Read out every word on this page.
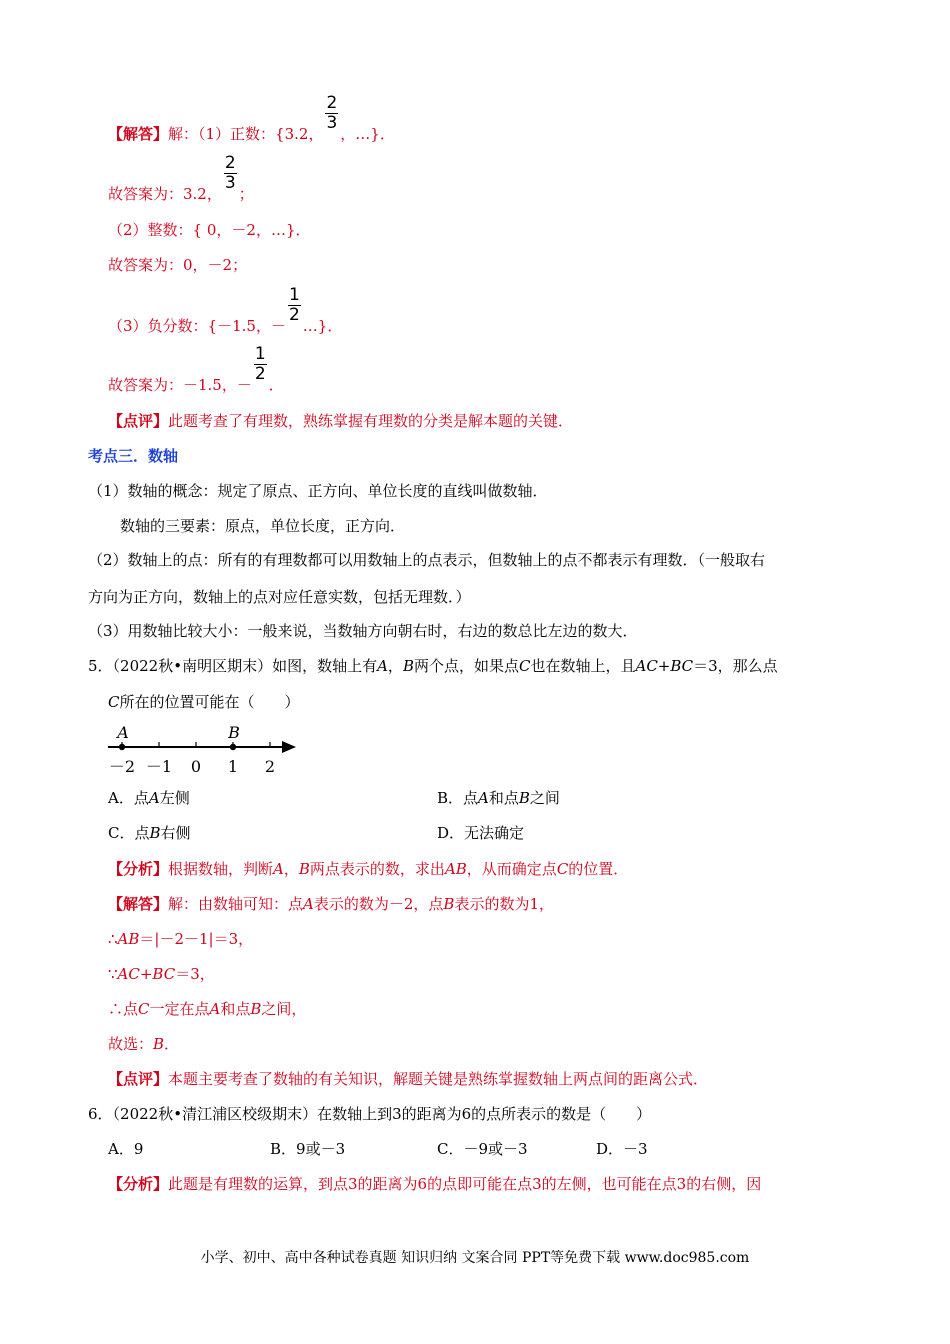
【解答】解：（1）正数：{3.2，
$\frac{2}{3}$
，…}．
故答案为：3.2，
$\frac{2}{3}$
；
（2）整数：{ 0，－2，…}．
故答案为：0，－2；
（3）负分数：{－1.5，－
$\frac{1}{2}$
…}．
故答案为：－1.5，－
$\frac{1}{2}$
．
【点评】此题考查了有理数，熟练掌握有理数的分类是解本题的关键．
考点三．数轴
（1）数轴的概念：规定了原点、正方向、单位长度的直线叫做数轴．
数轴的三要素：原点，单位长度，正方向．
（2）数轴上的点：所有的有理数都可以用数轴上的点表示，但数轴上的点不都表示有理数．（一般取右
方向为正方向，数轴上的点对应任意实数，包括无理数．）
（3）用数轴比较大小：一般来说，当数轴方向朝右时，右边的数总比左边的数大．
5．（2022秋•南明区期末）如图，数轴上有A，B两个点，如果点C也在数轴上，且AC+BC＝3，那么点
C所在的位置可能在（　　）
－2 －1 0 1 2
A	B
A．点A左侧	B．点A和点B之间
C．点B右侧	D．无法确定
【分析】根据数轴，判断A，B两点表示的数，求出AB，从而确定点C的位置．
【解答】解：由数轴可知：点A表示的数为－2，点B表示的数为1，
∴AB＝|－2－1|＝3，
∵AC+BC＝3，
∴点C一定在点A和点B之间，
故选：B．
【点评】本题主要考查了数轴的有关知识，解题关键是熟练掌握数轴上两点间的距离公式．
6．（2022秋•清江浦区校级期末）在数轴上到3的距离为6的点所表示的数是（　　）
A．9	B．9或－3	C．－9或－3	D．－3
【分析】此题是有理数的运算，到点3的距离为6的点即可能在点3的左侧，也可能在点3的右侧，因
小学、初中、高中各种试卷真题 知识归纳 文案合同 PPT等免费下载 www.doc985.com
